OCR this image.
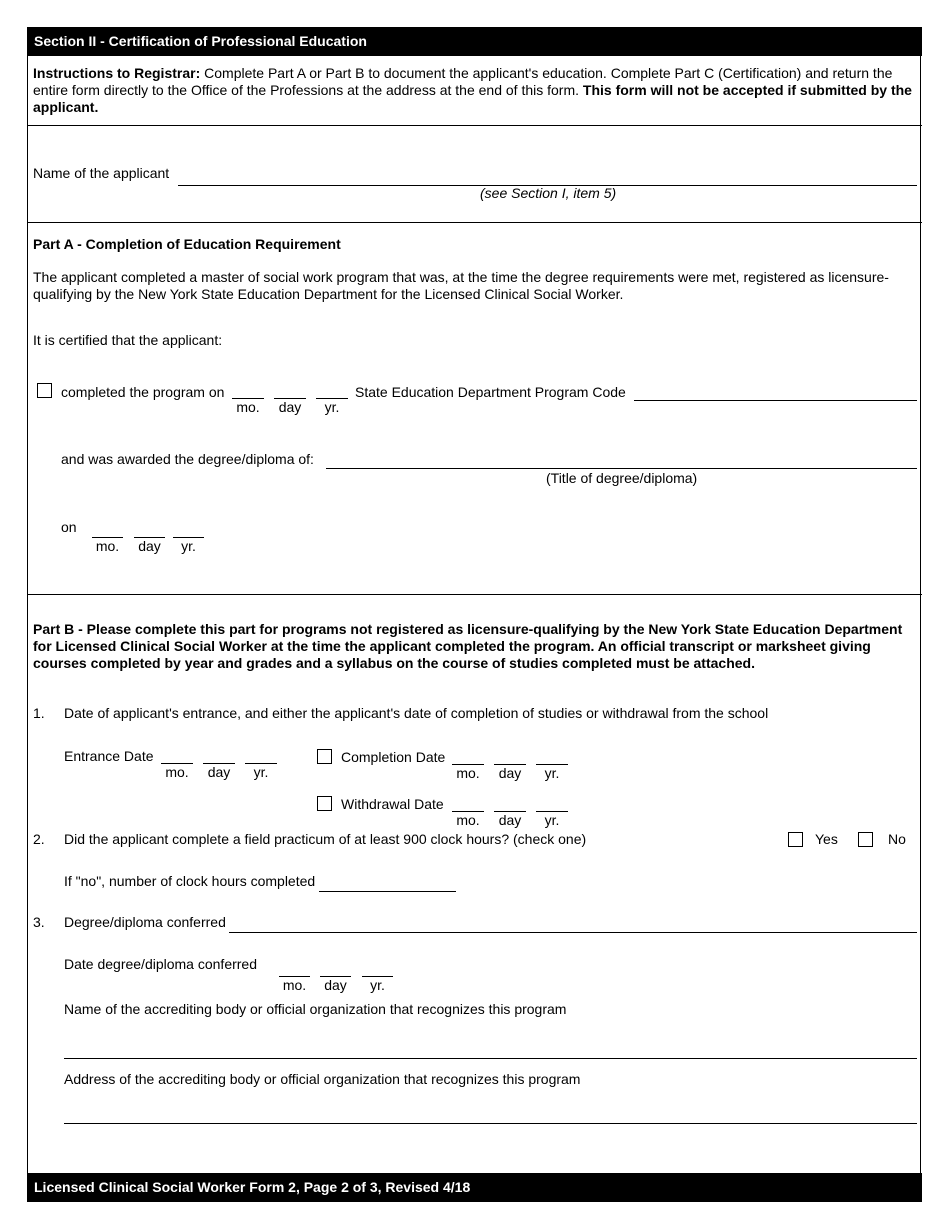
Section II - Certification of Professional Education
Instructions to Registrar: Complete Part A or Part B to document the applicant's education. Complete Part C (Certification) and return the entire form directly to the Office of the Professions at the address at the end of this form. This form will not be accepted if submitted by the applicant.
Name of the applicant
(see Section I, item 5)
Part A - Completion of Education Requirement
The applicant completed a master of social work program that was, at the time the degree requirements were met, registered as licensure-qualifying by the New York State Education Department for the Licensed Clinical Social Worker.
It is certified that the applicant:
completed the program on
mo.	day	yr.
State Education Department Program Code
and was awarded the degree/diploma of:
(Title of degree/diploma)
on
mo.	day	yr.
Part B - Please complete this part for programs not registered as licensure-qualifying by the New York State Education Department for Licensed Clinical Social Worker at the time the applicant completed the program. An official transcript or marksheet giving courses completed by year and grades and a syllabus on the course of studies completed must be attached.
1. Date of applicant's entrance, and either the applicant's date of completion of studies or withdrawal from the school
Entrance Date
mo.	day	yr.
Completion Date
mo.	day	yr.
Withdrawal Date
mo.	day	yr.
2. Did the applicant complete a field practicum of at least 900 clock hours? (check one)	Yes	No
If "no", number of clock hours completed
3. Degree/diploma conferred
Date degree/diploma conferred
mo.	day	yr.
Name of the accrediting body or official organization that recognizes this program
Address of the accrediting body or official organization that recognizes this program
Licensed Clinical Social Worker Form 2, Page 2 of 3, Revised 4/18
